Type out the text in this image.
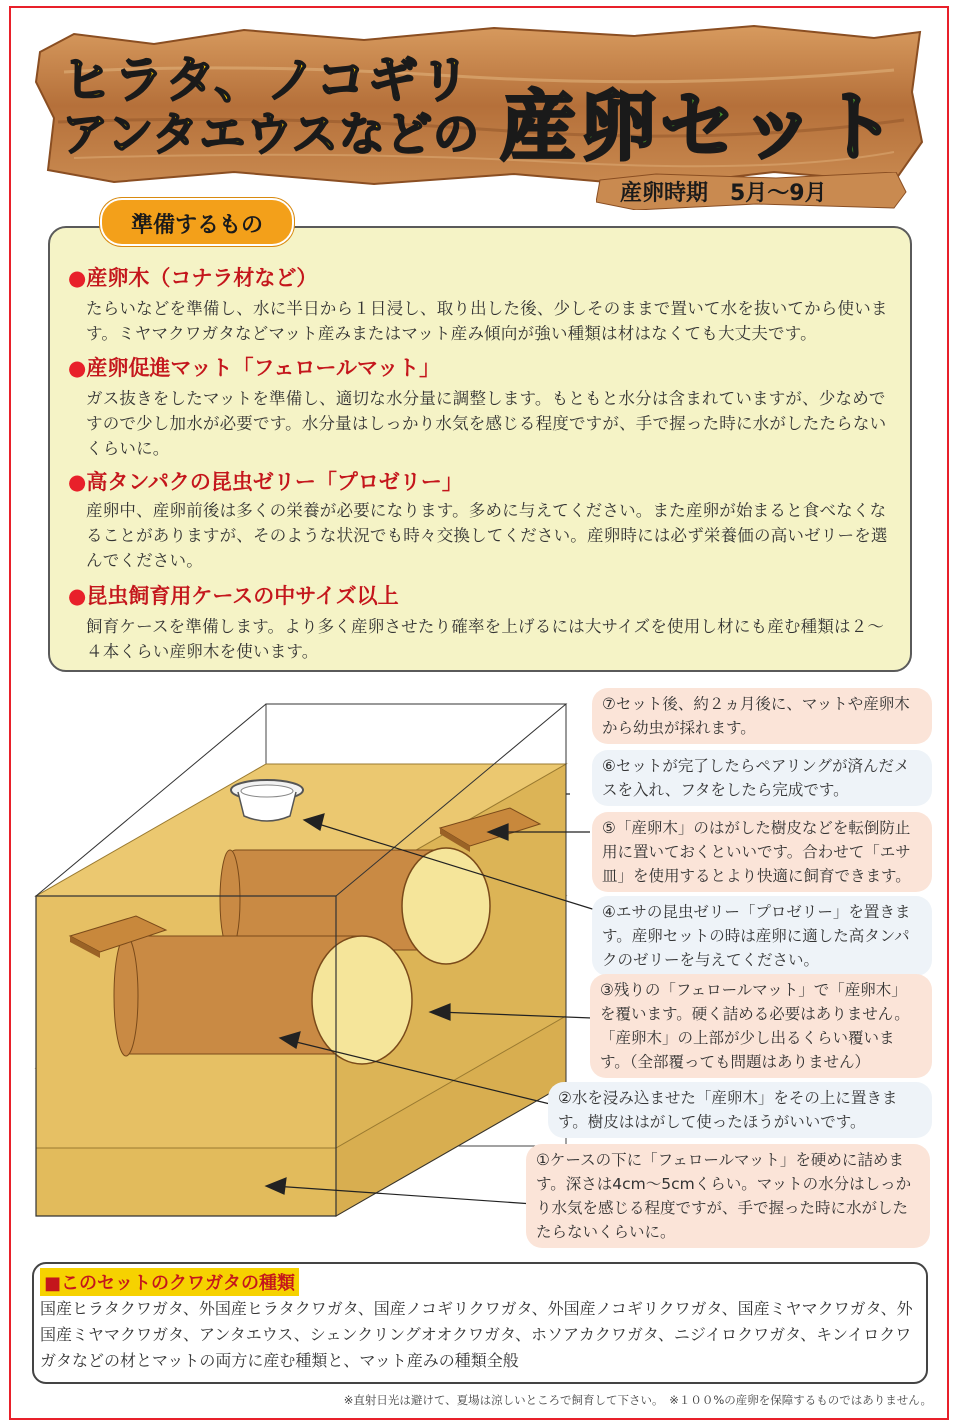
ヒラタ、ノコギリ
アンタエウスなどの 産卵セット
産卵時期　5月～9月
準備するもの
●産卵木（コナラ材など）
たらいなどを準備し、水に半日から１日浸し、取り出した後、少しそのままで置いて水を抜いてから使います。ミヤマクワガタなどマット産みまたはマット産み傾向が強い種類は材はなくても大丈夫です。
●産卵促進マット「フェロールマット」
ガス抜きをしたマットを準備し、適切な水分量に調整します。もともと水分は含まれていますが、少なめですので少し加水が必要です。水分量はしっかり水気を感じる程度ですが、手で握った時に水がしたたらないくらいに。
●高タンパクの昆虫ゼリー「プロゼリー」
産卵中、産卵前後は多くの栄養が必要になります。多めに与えてください。また産卵が始まると食べなくなることがありますが、そのような状況でも時々交換してください。産卵時には必ず栄養価の高いゼリーを選んでください。
●昆虫飼育用ケースの中サイズ以上
飼育ケースを準備します。より多く産卵させたり確率を上げるには大サイズを使用し材にも産む種類は２～４本くらい産卵木を使います。
⑦セット後、約２ヵ月後に、マットや産卵木から幼虫が採れます。
⑥セットが完了したらペアリングが済んだメスを入れ、フタをしたら完成です。
⑤「産卵木」のはがした樹皮などを転倒防止用に置いておくといいです。合わせて「エサ皿」を使用するとより快適に飼育できます。
④エサの昆虫ゼリー「プロゼリー」を置きます。産卵セットの時は産卵に適した高タンパクのゼリーを与えてください。
③残りの「フェロールマット」で「産卵木」を覆います。硬く詰める必要はありません。「産卵木」の上部が少し出るくらい覆います。（全部覆っても問題はありません）
②水を浸み込ませた「産卵木」をその上に置きます。樹皮ははがして使ったほうがいいです。
①ケースの下に「フェロールマット」を硬めに詰めます。深さは4cm～5cmくらい。マットの水分はしっかり水気を感じる程度ですが、手で握った時に水がしたたらないくらいに。
■このセットのクワガタの種類
国産ヒラタクワガタ、外国産ヒラタクワガタ、国産ノコギリクワガタ、外国産ノコギリクワガタ、国産ミヤマクワガタ、外国産ミヤマクワガタ、アンタエウス、シェンクリングオオクワガタ、ホソアカクワガタ、ニジイロクワガタ、キンイロクワガタなどの材とマットの両方に産む種類と、マット産みの種類全般
※直射日光は避けて、夏場は涼しいところで飼育して下さい。　※１００%の産卵を保障するものではありません。
